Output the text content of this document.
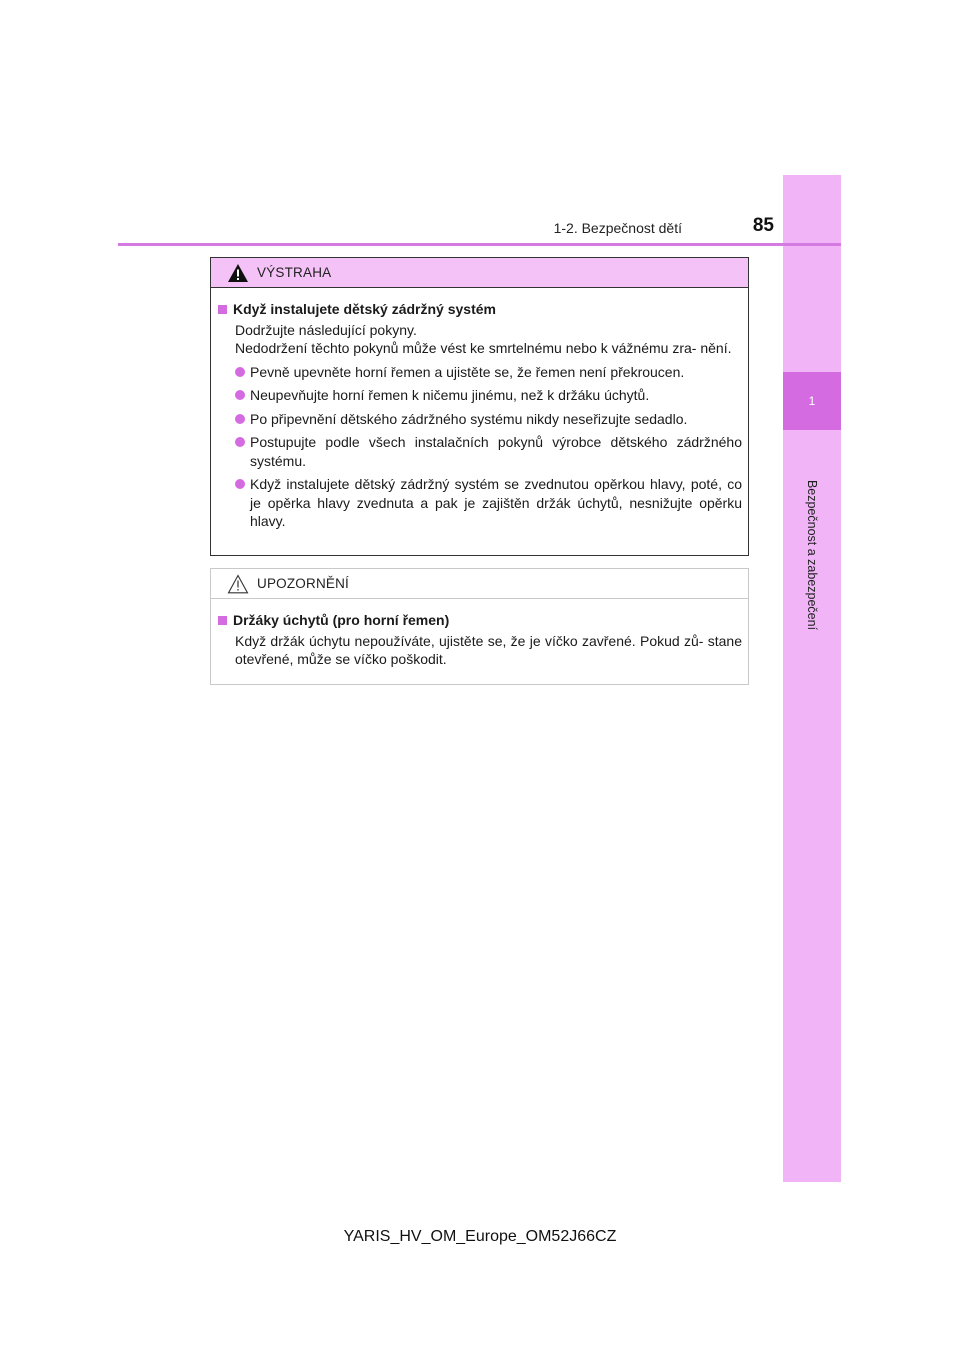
1
Bezpečnost a zabezpečení
1-2. Bezpečnost dětí	85
VÝSTRAHA
Když instalujete dětský zádržný systém
Dodržujte následující pokyny.
Nedodržení těchto pokynů může vést ke smrtelnému nebo k vážnému zra- nění.
Pevně upevněte horní řemen a ujistěte se, že řemen není překroucen.
Neupevňujte horní řemen k ničemu jinému, než k držáku úchytů.
Po připevnění dětského zádržného systému nikdy neseřizujte sedadlo.
Postupujte podle všech instalačních pokynů výrobce dětského zádržného systému.
Když instalujete dětský zádržný systém se zvednutou opěrkou hlavy, poté, co je opěrka hlavy zvednuta a pak je zajištěn držák úchytů, nesnižujte opěrku hlavy.
UPOZORNĚNÍ
Držáky úchytů (pro horní řemen)
Když držák úchytu nepoužíváte, ujistěte se, že je víčko zavřené. Pokud zů- stane otevřené, může se víčko poškodit.
YARIS_HV_OM_Europe_OM52J66CZ
